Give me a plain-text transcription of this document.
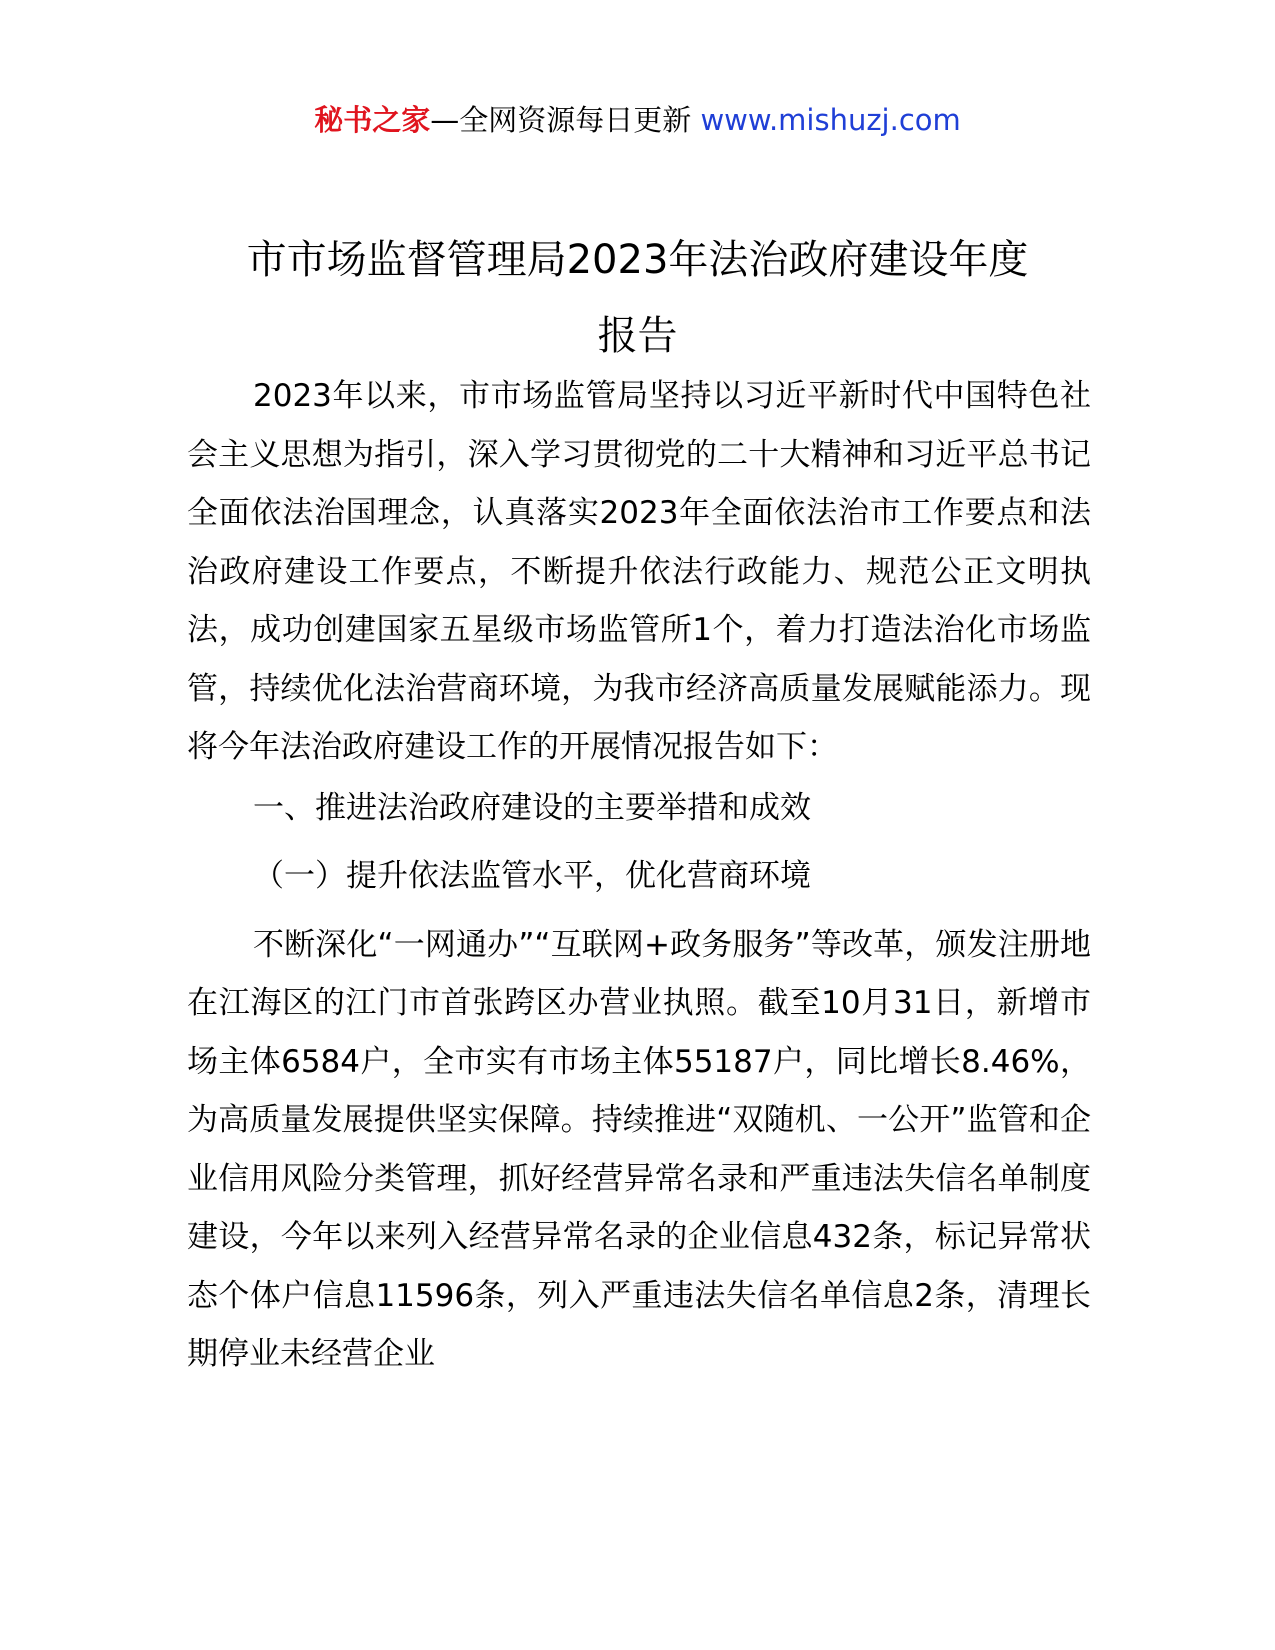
秘书之家—全网资源每日更新 www.mishuzj.com
市市场监督管理局2023年法治政府建设年度
报告

2023年以来，市市场监管局坚持以习近平新时代中国特色社会主义思想为指引，深入学习贯彻党的二十大精神和习近平总书记全面依法治国理念，认真落实2023年全面依法治市工作要点和法治政府建设工作要点，不断提升依法行政能力、规范公正文明执法，成功创建国家五星级市场监管所1个，着力打造法治化市场监管，持续优化法治营商环境，为我市经济高质量发展赋能添力。现将今年法治政府建设工作的开展情况报告如下：

一、推进法治政府建设的主要举措和成效

（一）提升依法监管水平，优化营商环境

不断深化“一网通办”“互联网+政务服务”等改革，颁发注册地在江海区的江门市首张跨区办营业执照。截至10月31日，新增市场主体6584户，全市实有市场主体55187户，同比增长8.46%，为高质量发展提供坚实保障。持续推进“双随机、一公开”监管和企业信用风险分类管理，抓好经营异常名录和严重违法失信名单制度建设，今年以来列入经营异常名录的企业信息432条，标记异常状态个体户信息11596条，列入严重违法失信名单信息2条，清理长期停业未经营企业
